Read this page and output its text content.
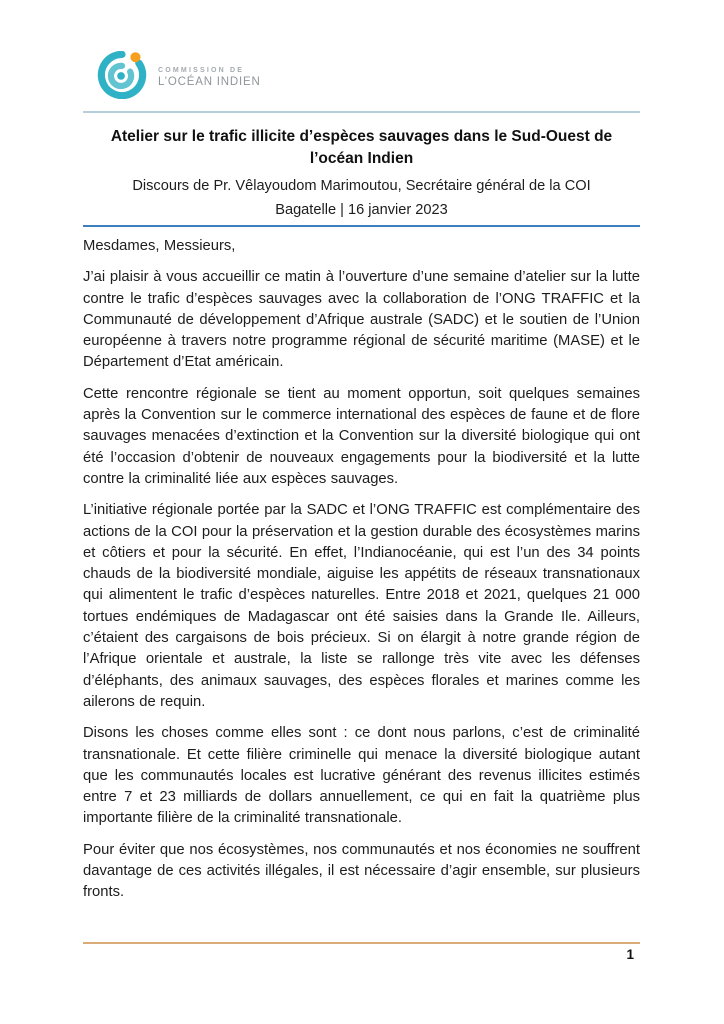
COMMISSION DE
L’OCÉAN INDIEN
Atelier sur le trafic illicite d’espèces sauvages dans le Sud-Ouest de l’océan Indien

Discours de Pr. Vêlayoudom Marimoutou, Secrétaire général de la COI

Bagatelle | 16 janvier 2023

Mesdames, Messieurs,

J’ai plaisir à vous accueillir ce matin à l’ouverture d’une semaine d’atelier sur la lutte contre le trafic d’espèces sauvages avec la collaboration de l’ONG TRAFFIC et la Communauté de développement d’Afrique australe (SADC) et le soutien de l’Union européenne à travers notre programme régional de sécurité maritime (MASE) et le Département d’Etat américain.

Cette rencontre régionale se tient au moment opportun, soit quelques semaines après la Convention sur le commerce international des espèces de faune et de flore sauvages menacées d’extinction et la Convention sur la diversité biologique qui ont été l’occasion d’obtenir de nouveaux engagements pour la biodiversité et la lutte contre la criminalité liée aux espèces sauvages.

L’initiative régionale portée par la SADC et l’ONG TRAFFIC est complémentaire des actions de la COI pour la préservation et la gestion durable des écosystèmes marins et côtiers et pour la sécurité. En effet, l’Indianocéanie, qui est l’un des 34 points chauds de la biodiversité mondiale, aiguise les appétits de réseaux transnationaux qui alimentent le trafic d’espèces naturelles. Entre 2018 et 2021, quelques 21 000 tortues endémiques de Madagascar ont été saisies dans la Grande Ile. Ailleurs, c’étaient des cargaisons de bois précieux. Si on élargit à notre grande région de l’Afrique orientale et australe, la liste se rallonge très vite avec les défenses d’éléphants, des animaux sauvages, des espèces florales et marines comme les ailerons de requin.

Disons les choses comme elles sont : ce dont nous parlons, c’est de criminalité transnationale. Et cette filière criminelle qui menace la diversité biologique autant que les communautés locales est lucrative générant des revenus illicites estimés entre 7 et 23 milliards de dollars annuellement, ce qui en fait la quatrième plus importante filière de la criminalité transnationale.

Pour éviter que nos écosystèmes, nos communautés et nos économies ne souffrent davantage de ces activités illégales, il est nécessaire d’agir ensemble, sur plusieurs fronts.

1
